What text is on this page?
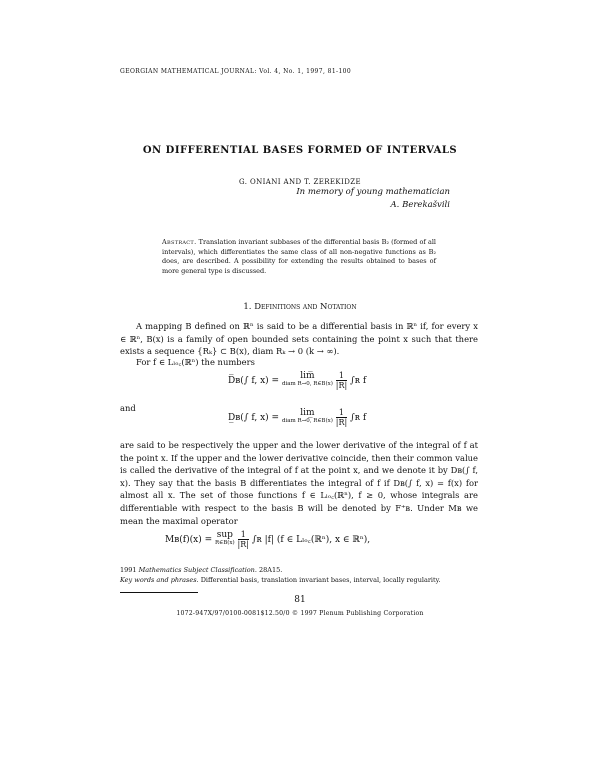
GEORGIAN MATHEMATICAL JOURNAL: Vol. 4, No. 1, 1997, 81-100
ON DIFFERENTIAL BASES FORMED OF INTERVALS
G. ONIANI AND T. ZEREKIDZE
In memory of young mathematician
A. Berekašvili
Abstract. Translation invariant subbases of the differential basis B₂ (formed of all intervals), which differentiates the same class of all non-negative functions as B₂ does, are described. A possibility for extending the results obtained to bases of more general type is discussed.
1. Definitions and Notation
A mapping B defined on ℝⁿ is said to be a differential basis in ℝⁿ if, for every x ∈ ℝⁿ, B(x) is a family of open bounded sets containing the point x such that there exists a sequence {Rₖ} ⊂ B(x), diam Rₖ → 0 (k → ∞).
For f ∈ Lₗₒ꜀(ℝⁿ) the numbers
D̅ʙ(∫ f, x) =	lim̅
diam R→0, R∈B(x)
$\frac{1}{|R|}$ ∫ʀ f
and
D̲ʙ(∫ f, x) =	lim̲
diam R→0, R∈B(x)
$\frac{1}{|R|}$ ∫ʀ f
are said to be respectively the upper and the lower derivative of the integral of f at the point x. If the upper and the lower derivative coincide, then their common value is called the derivative of the integral of f at the point x, and we denote it by Dʙ(∫ f, x). They say that the basis B differentiates the integral of f if Dʙ(∫ f, x) = f(x) for almost all x. The set of those functions f ∈ Lₗₒ꜀(ℝⁿ), f ≥ 0, whose integrals are differentiable with respect to the basis B will be denoted by F⁺ʙ. Under Mʙ we mean the maximal operator
Mʙ(f)(x) = sup
R∈B(x)
$\frac{1}{|R|}$ ∫ʀ |f| (f ∈ Lₗₒ꜀(ℝⁿ), x ∈ ℝⁿ),
1991 Mathematics Subject Classification. 28A15.
Key words and phrases. Differential basis, translation invariant bases, interval, locally regularity.
81
1072-947X/97/0100-0081$12.50/0 © 1997 Plenum Publishing Corporation
